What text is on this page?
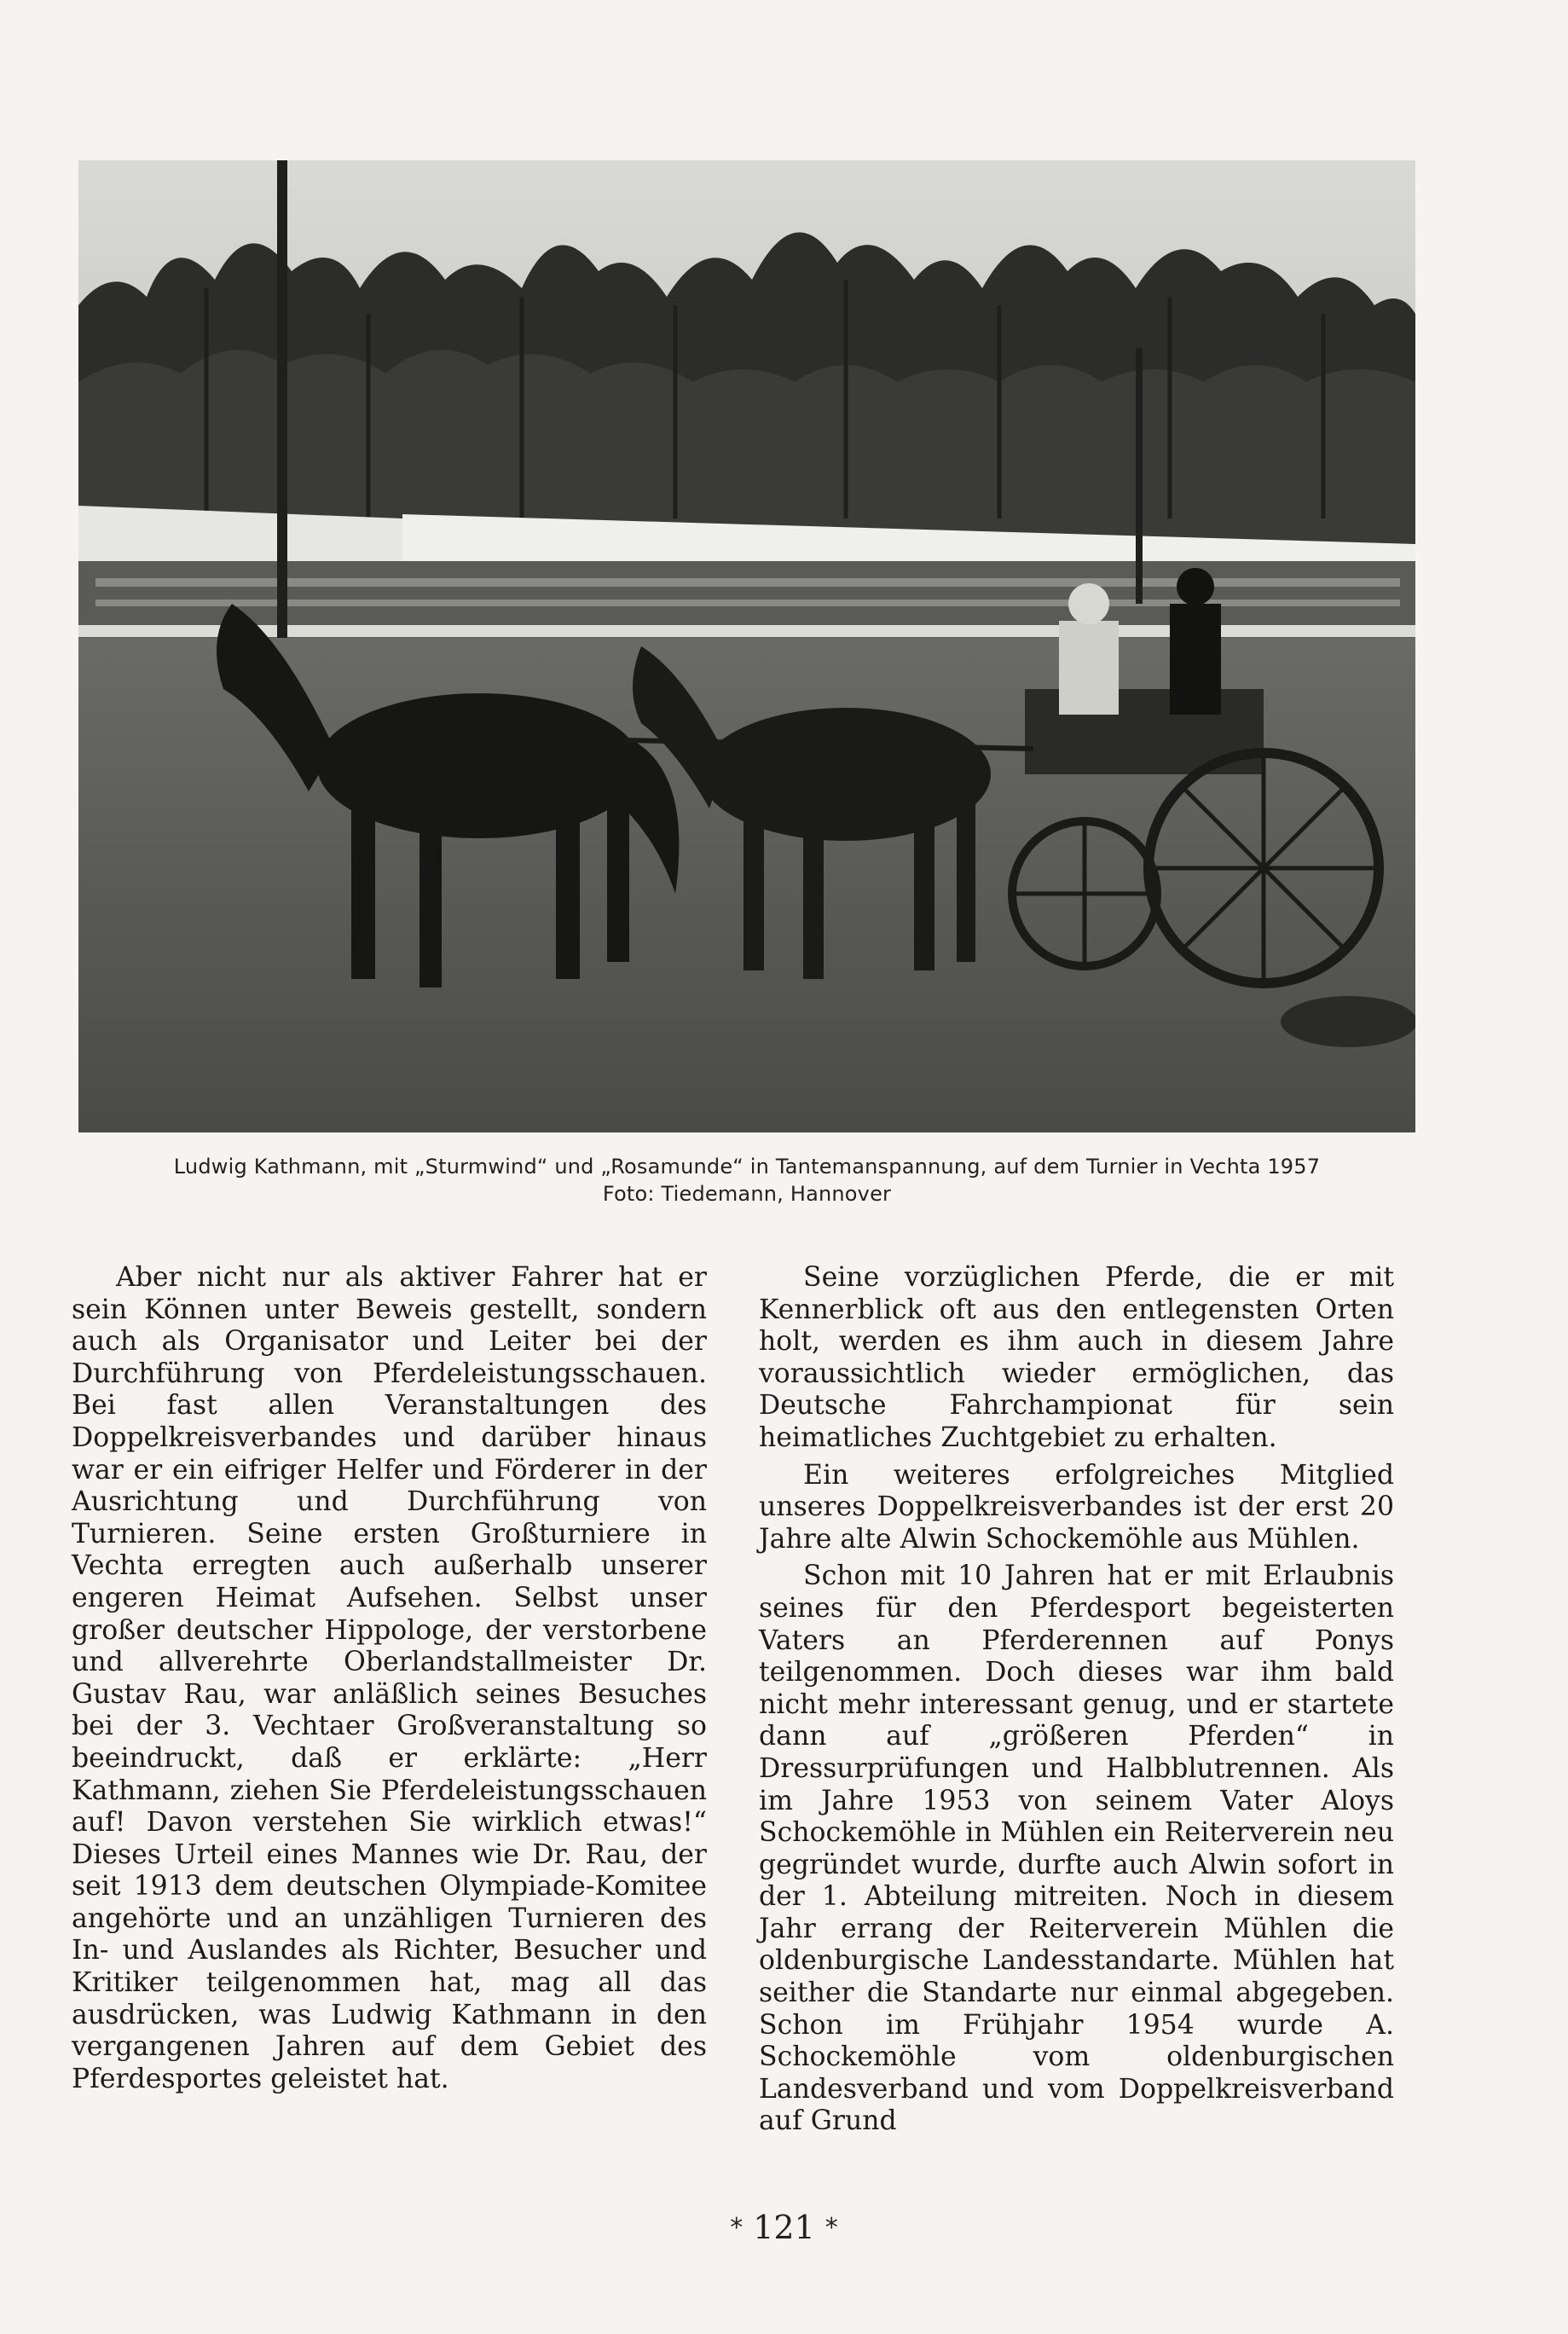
Ludwig Kathmann, mit „Sturmwind“ und „Rosamunde“ in Tantemanspannung, auf dem Turnier in Vechta 1957
Foto: Tiedemann, Hannover

Aber nicht nur als aktiver Fahrer hat er sein Können unter Beweis gestellt, sondern auch als Organisator und Leiter bei der Durchführung von Pferdeleistungsschauen. Bei fast allen Veranstaltungen des Doppelkreisverbandes und darüber hinaus war er ein eifriger Helfer und Förderer in der Ausrichtung und Durchführung von Turnieren. Seine ersten Großturniere in Vechta erregten auch außerhalb unserer engeren Heimat Aufsehen. Selbst unser großer deutscher Hippologe, der verstorbene und allverehrte Oberlandstallmeister Dr. Gustav Rau, war anläßlich seines Besuches bei der 3. Vechtaer Großveranstaltung so beeindruckt, daß er erklärte: „Herr Kathmann, ziehen Sie Pferdeleistungsschauen auf! Davon verstehen Sie wirklich etwas!“ Dieses Urteil eines Mannes wie Dr. Rau, der seit 1913 dem deutschen Olympiade-Komitee angehörte und an unzähligen Turnieren des In- und Auslandes als Richter, Besucher und Kritiker teilgenommen hat, mag all das ausdrücken, was Ludwig Kathmann in den vergangenen Jahren auf dem Gebiet des Pferdesportes geleistet hat.

Seine vorzüglichen Pferde, die er mit Kennerblick oft aus den entlegensten Orten holt, werden es ihm auch in diesem Jahre voraussichtlich wieder ermöglichen, das Deutsche Fahrchampionat für sein heimatliches Zuchtgebiet zu erhalten.

Ein weiteres erfolgreiches Mitglied unseres Doppelkreisverbandes ist der erst 20 Jahre alte Alwin Schockemöhle aus Mühlen.

Schon mit 10 Jahren hat er mit Erlaubnis seines für den Pferdesport begeisterten Vaters an Pferderennen auf Ponys teilgenommen. Doch dieses war ihm bald nicht mehr interessant genug, und er startete dann auf „größeren Pferden“ in Dressurprüfungen und Halbblutrennen. Als im Jahre 1953 von seinem Vater Aloys Schockemöhle in Mühlen ein Reiterverein neu gegründet wurde, durfte auch Alwin sofort in der 1. Abteilung mitreiten. Noch in diesem Jahr errang der Reiterverein Mühlen die oldenburgische Landesstandarte. Mühlen hat seither die Standarte nur einmal abgegeben. Schon im Frühjahr 1954 wurde A. Schockemöhle vom oldenburgischen Landesverband und vom Doppelkreisverband auf Grund

* 121 *
